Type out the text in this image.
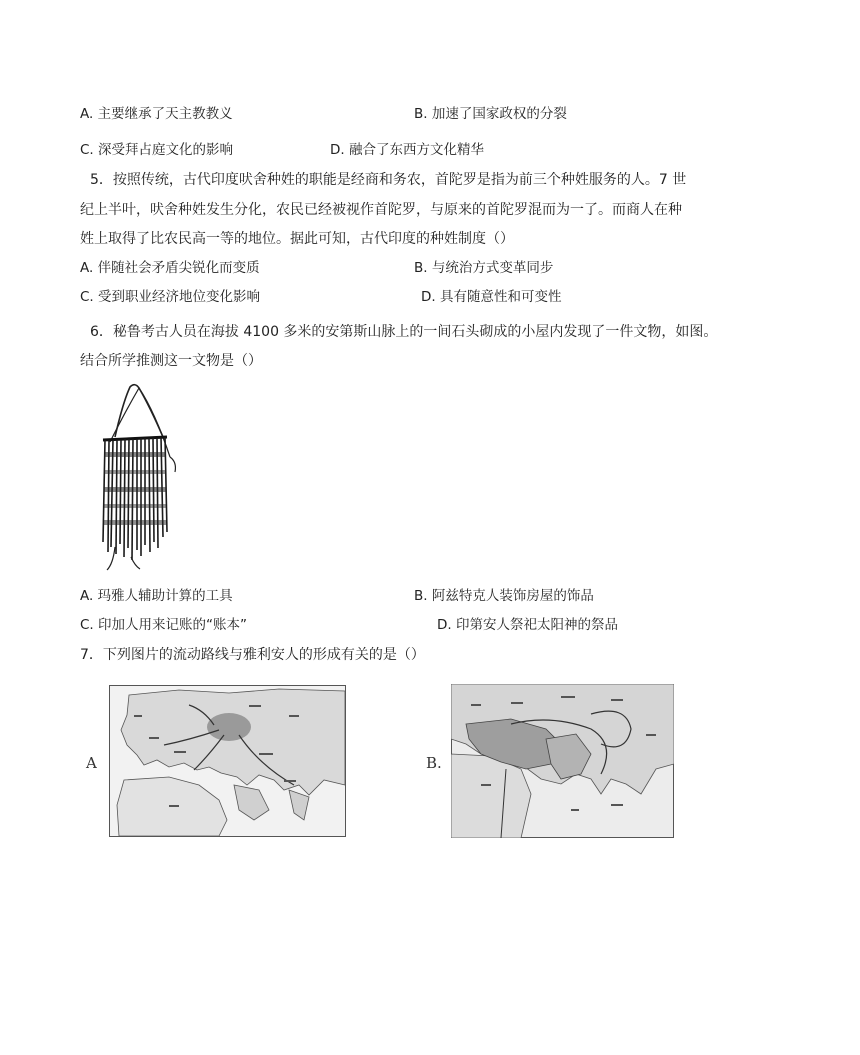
A. 主要继承了天主教教义	B. 加速了国家政权的分裂
C. 深受拜占庭文化的影响	D. 融合了东西方文化精华
5．按照传统，古代印度吠舍种姓的职能是经商和务农，首陀罗是指为前三个种姓服务的人。7 世
纪上半叶，吠舍种姓发生分化，农民已经被视作首陀罗，与原来的首陀罗混而为一了。而商人在种
姓上取得了比农民高一等的地位。据此可知，古代印度的种姓制度（）
A. 伴随社会矛盾尖锐化而变质	B. 与统治方式变革同步
C. 受到职业经济地位变化影响	D. 具有随意性和可变性
6．秘鲁考古人员在海拔 4100 多米的安第斯山脉上的一间石头砌成的小屋内发现了一件文物，如图。
结合所学推测这一文物是（）
A. 玛雅人辅助计算的工具	B. 阿兹特克人装饰房屋的饰品
C. 印加人用来记账的“账本”	D. 印第安人祭祀太阳神的祭品
7．下列图片的流动路线与雅利安人的形成有关的是（）
A	B.
